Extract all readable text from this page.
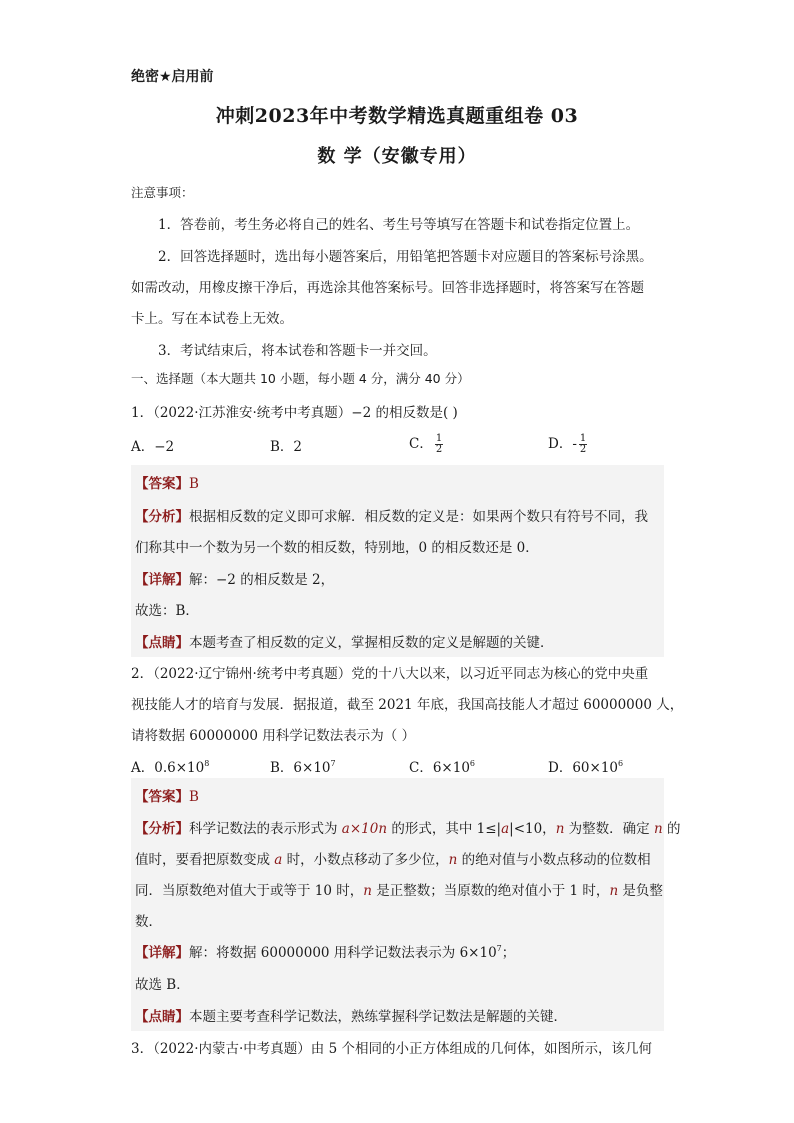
绝密★启用前
冲刺2023年中考数学精选真题重组卷 03
数 学（安徽专用）
注意事项：
1．答卷前，考生务必将自己的姓名、考生号等填写在答题卡和试卷指定位置上。
2．回答选择题时，选出每小题答案后，用铅笔把答题卡对应题目的答案标号涂黑。
如需改动，用橡皮擦干净后，再选涂其他答案标号。回答非选择题时，将答案写在答题
卡上。写在本试卷上无效。
3．考试结束后，将本试卷和答题卡一并交回。
一、选择题（本大题共 10 小题，每小题 4 分，满分 40 分）
1．（2022·江苏淮安·统考中考真题）−2 的相反数是( )
A．−2	B．2	C． $\frac{1}{2}$	D．- $\frac{1}{2}$
【答案】B
【分析】根据相反数的定义即可求解．相反数的定义是：如果两个数只有符号不同，我
们称其中一个数为另一个数的相反数，特别地，0 的相反数还是 0．
【详解】解：−2 的相反数是 2，
故选：B．
【点睛】本题考查了相反数的定义，掌握相反数的定义是解题的关键．
2．（2022·辽宁锦州·统考中考真题）党的十八大以来，以习近平同志为核心的党中央重
视技能人才的培育与发展．据报道，截至 2021 年底，我国高技能人才超过 60000000 人，
请将数据 60000000 用科学记数法表示为（ ）
A．$0.6\times 10^8$	B．$6\times 10^7$	C．$6\times 10^6$	D．$60\times 10^6$
【答案】B
【分析】科学记数法的表示形式为 a×10n 的形式，其中 1≤|a|<10，n 为整数．确定 n 的
值时，要看把原数变成 a 时，小数点移动了多少位，n 的绝对值与小数点移动的位数相
同．当原数绝对值大于或等于 10 时，n 是正整数；当原数的绝对值小于 1 时，n 是负整
数．
【详解】解：将数据 60000000 用科学记数法表示为 $6\times 10^7$；
故选 B．
【点睛】本题主要考查科学记数法，熟练掌握科学记数法是解题的关键．
3．（2022·内蒙古·中考真题）由 5 个相同的小正方体组成的几何体，如图所示，该几何
